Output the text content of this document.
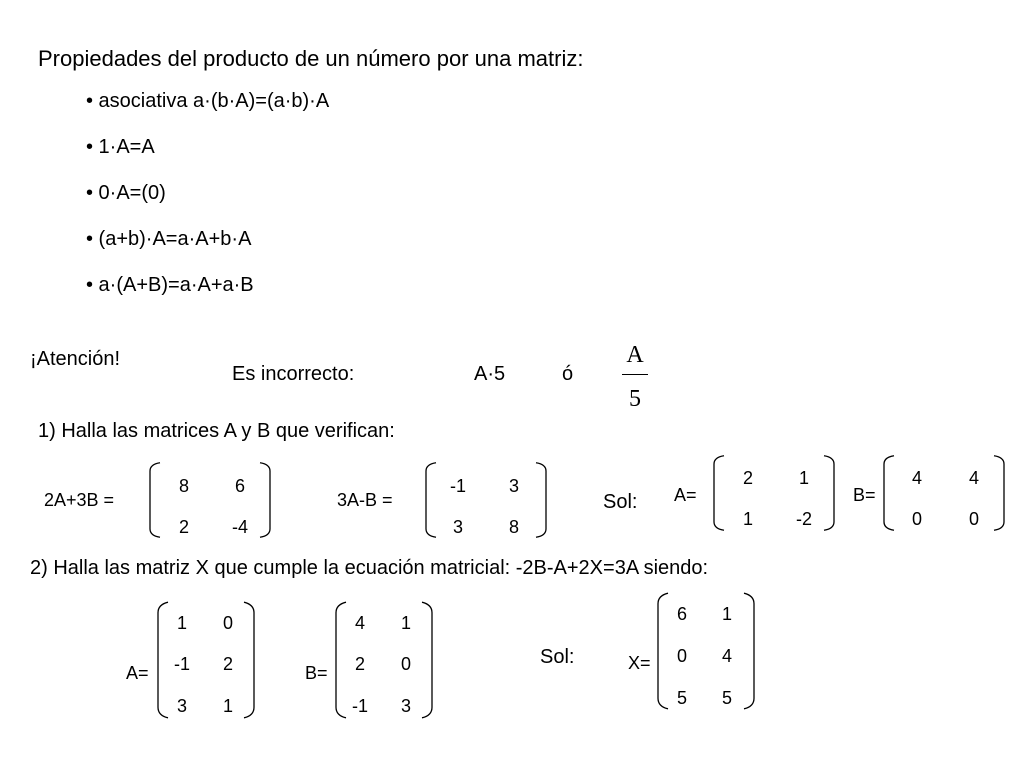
Propiedades del producto de un número por una matriz:
• asociativa a·(b·A)=(a·b)·A
• 1·A=A
• 0·A=(0)
• (a+b)·A=a·A+b·A
• a·(A+B)=a·A+a·B
¡Atención!
Es incorrecto:	A·5	ó
A
5
1) Halla las matrices A y B que verifican:
2A+3B =
8	6
2	-4
3A-B =
-1	3
3	8
Sol: A=
2	1
1	-2
B=
4	4
0	0
2) Halla las matriz X que cumple la ecuación matricial: -2B-A+2X=3A siendo:
A=
1	0
-1	2
3	1
B=
4	1
2	0
-1	3
Sol:	X=
6	1
0	4
5	5
